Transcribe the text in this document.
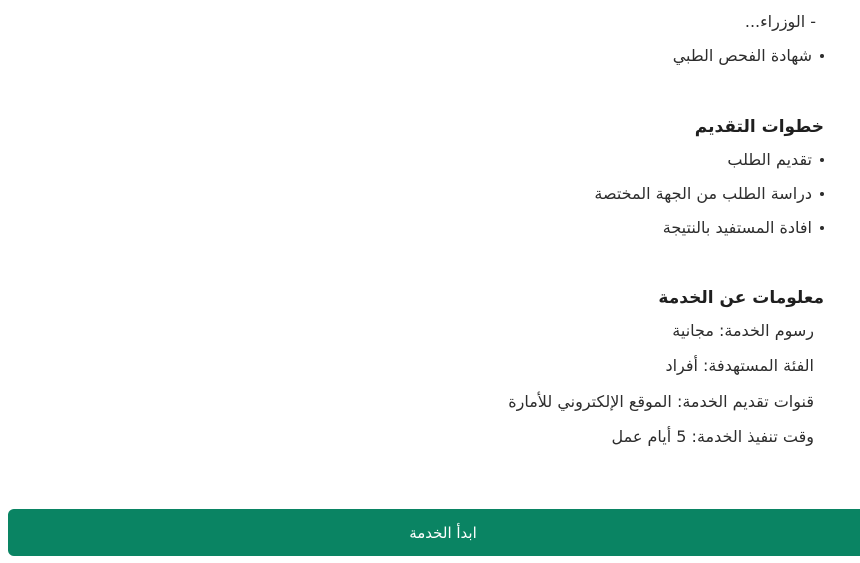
- الوزراء...
شهادة الفحص الطبي
خطوات التقديم
تقديم الطلب
دراسة الطلب من الجهة المختصة
افادة المستفيد بالنتيجة
معلومات عن الخدمة
رسوم الخدمة: مجانية
الفئة المستهدفة: أفراد
قنوات تقديم الخدمة: الموقع الإلكتروني للأمارة
وقت تنفيذ الخدمة: 5 أيام عمل
ابدأ الخدمة
